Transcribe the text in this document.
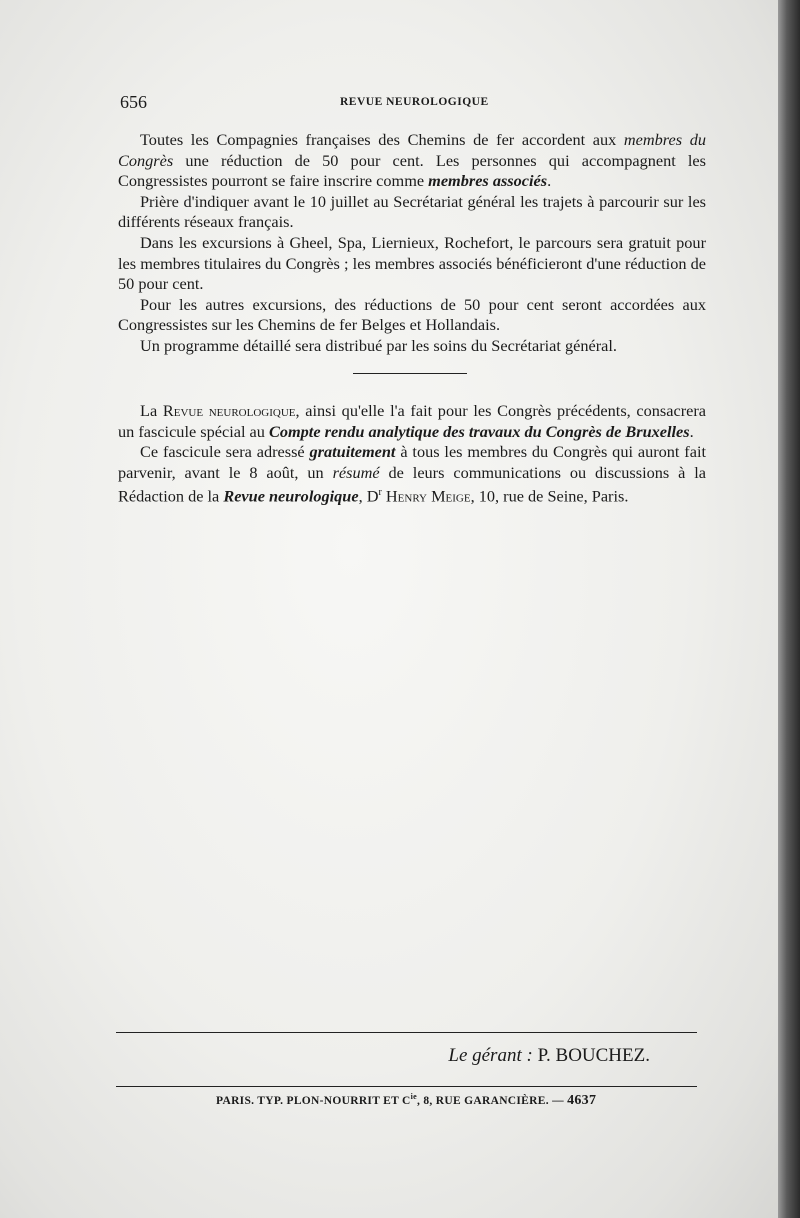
656	REVUE NEUROLOGIQUE

Toutes les Compagnies françaises des Chemins de fer accordent aux membres du Congrès une réduction de 50 pour cent. Les personnes qui accompagnent les Congressistes pourront se faire inscrire comme membres associés.

Prière d'indiquer avant le 10 juillet au Secrétariat général les trajets à parcourir sur les différents réseaux français.

Dans les excursions à Gheel, Spa, Liernieux, Rochefort, le parcours sera gratuit pour les membres titulaires du Congrès ; les membres associés bénéficieront d'une réduction de 50 pour cent.

Pour les autres excursions, des réductions de 50 pour cent seront accordées aux Congressistes sur les Chemins de fer Belges et Hollandais.

Un programme détaillé sera distribué par les soins du Secrétariat général.

La Revue neurologique, ainsi qu'elle l'a fait pour les Congrès précédents, consacrera un fascicule spécial au Compte rendu analytique des travaux du Congrès de Bruxelles.

Ce fascicule sera adressé gratuitement à tous les membres du Congrès qui auront fait parvenir, avant le 8 août, un résumé de leurs communications ou discussions à la Rédaction de la Revue neurologique, $D^r$ Henry Meige, 10, rue de Seine, Paris.

Le gérant : P. BOUCHEZ.
PARIS. TYP. PLON-NOURRIT ET $C^{ie}$, 8, RUE GARANCIÈRE. — 4637
